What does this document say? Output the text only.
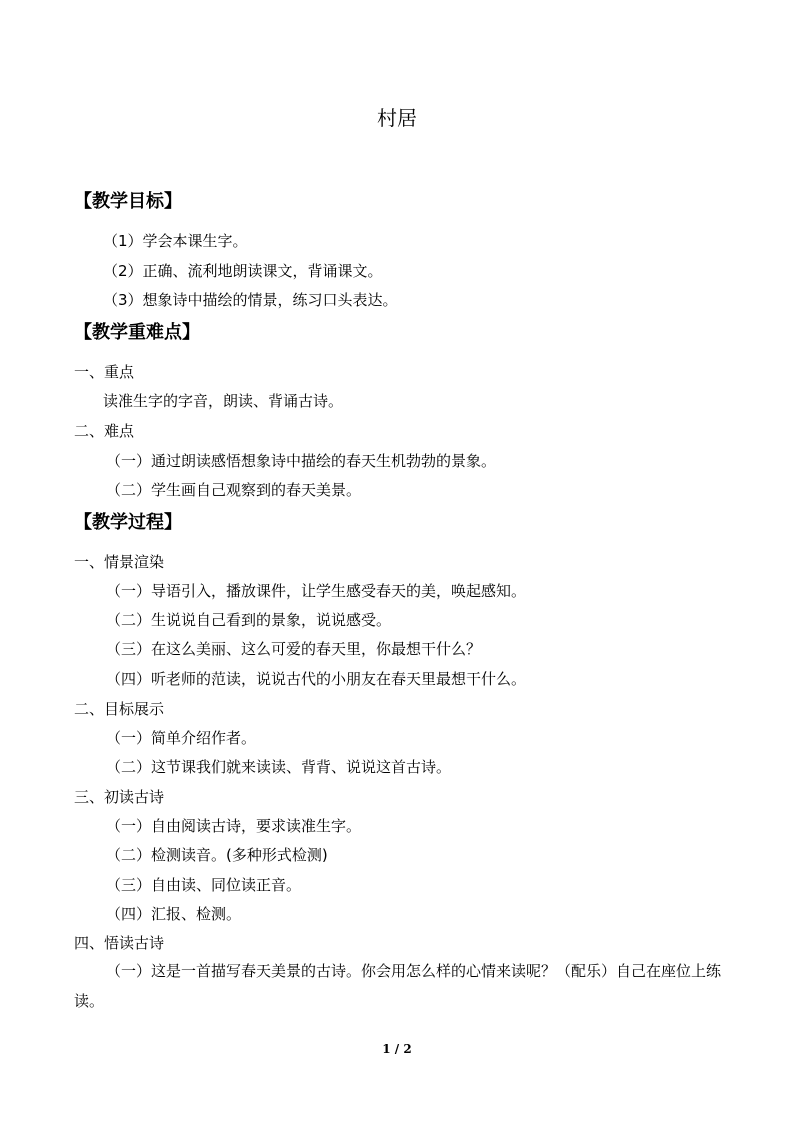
村居
【教学目标】
（1）学会本课生字。
（2）正确、流利地朗读课文，背诵课文。
（3）想象诗中描绘的情景，练习口头表达。
【教学重难点】
一、重点
读准生字的字音，朗读、背诵古诗。
二、难点
（一）通过朗读感悟想象诗中描绘的春天生机勃勃的景象。
（二）学生画自己观察到的春天美景。
【教学过程】
一、情景渲染
（一）导语引入，播放课件，让学生感受春天的美，唤起感知。
（二）生说说自己看到的景象，说说感受。
（三）在这么美丽、这么可爱的春天里，你最想干什么？
（四）听老师的范读，说说古代的小朋友在春天里最想干什么。
二、目标展示
（一）简单介绍作者。
（二）这节课我们就来读读、背背、说说这首古诗。
三、初读古诗
（一）自由阅读古诗，要求读准生字。
（二）检测读音。(多种形式检测)
（三）自由读、同位读正音。
（四）汇报、检测。
四、悟读古诗
（一）这是一首描写春天美景的古诗。你会用怎么样的心情来读呢？（配乐）自己在座位上练读。
1 / 2
